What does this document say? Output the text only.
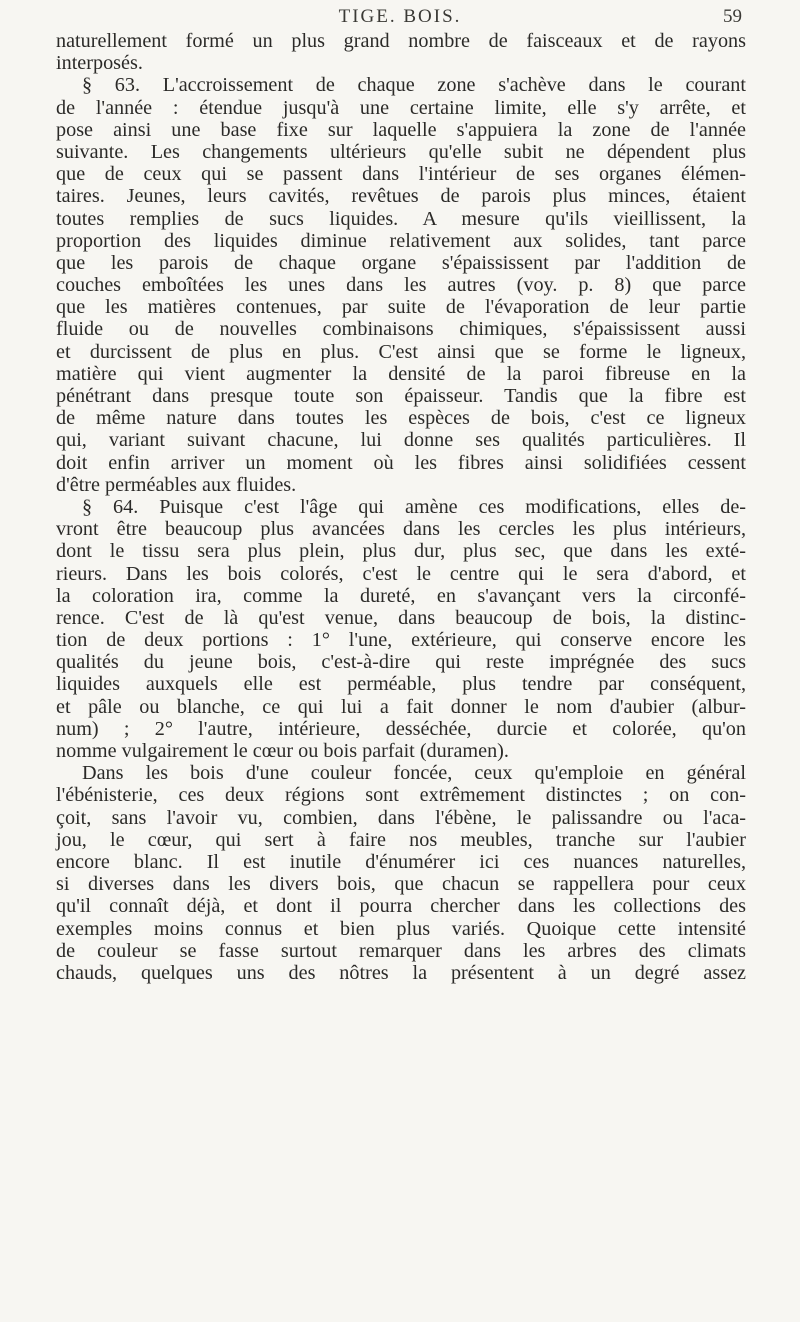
TIGE. BOIS.	59
naturellement formé un plus grand nombre de faisceaux et de rayons
interposés.
§ 63. L'accroissement de chaque zone s'achève dans le courant
de l'année : étendue jusqu'à une certaine limite, elle s'y arrête, et
pose ainsi une base fixe sur laquelle s'appuiera la zone de l'année
suivante. Les changements ultérieurs qu'elle subit ne dépendent plus
que de ceux qui se passent dans l'intérieur de ses organes élémen-
taires. Jeunes, leurs cavités, revêtues de parois plus minces, étaient
toutes remplies de sucs liquides. A mesure qu'ils vieillissent, la
proportion des liquides diminue relativement aux solides, tant parce
que les parois de chaque organe s'épaississent par l'addition de
couches emboîtées les unes dans les autres (voy. p. 8) que parce
que les matières contenues, par suite de l'évaporation de leur partie
fluide ou de nouvelles combinaisons chimiques, s'épaississent aussi
et durcissent de plus en plus. C'est ainsi que se forme le ligneux,
matière qui vient augmenter la densité de la paroi fibreuse en la
pénétrant dans presque toute son épaisseur. Tandis que la fibre est
de même nature dans toutes les espèces de bois, c'est ce ligneux
qui, variant suivant chacune, lui donne ses qualités particulières. Il
doit enfin arriver un moment où les fibres ainsi solidifiées cessent
d'être perméables aux fluides.
§ 64. Puisque c'est l'âge qui amène ces modifications, elles de-
vront être beaucoup plus avancées dans les cercles les plus intérieurs,
dont le tissu sera plus plein, plus dur, plus sec, que dans les exté-
rieurs. Dans les bois colorés, c'est le centre qui le sera d'abord, et
la coloration ira, comme la dureté, en s'avançant vers la circonfé-
rence. C'est de là qu'est venue, dans beaucoup de bois, la distinc-
tion de deux portions : 1° l'une, extérieure, qui conserve encore les
qualités du jeune bois, c'est-à-dire qui reste imprégnée des sucs
liquides auxquels elle est perméable, plus tendre par conséquent,
et pâle ou blanche, ce qui lui a fait donner le nom d'aubier (albur-
num) ; 2° l'autre, intérieure, desséchée, durcie et colorée, qu'on
nomme vulgairement le cœur ou bois parfait (duramen).
Dans les bois d'une couleur foncée, ceux qu'emploie en général
l'ébénisterie, ces deux régions sont extrêmement distinctes ; on con-
çoit, sans l'avoir vu, combien, dans l'ébène, le palissandre ou l'aca-
jou, le cœur, qui sert à faire nos meubles, tranche sur l'aubier
encore blanc. Il est inutile d'énumérer ici ces nuances naturelles,
si diverses dans les divers bois, que chacun se rappellera pour ceux
qu'il connaît déjà, et dont il pourra chercher dans les collections des
exemples moins connus et bien plus variés. Quoique cette intensité
de couleur se fasse surtout remarquer dans les arbres des climats
chauds, quelques uns des nôtres la présentent à un degré assez
